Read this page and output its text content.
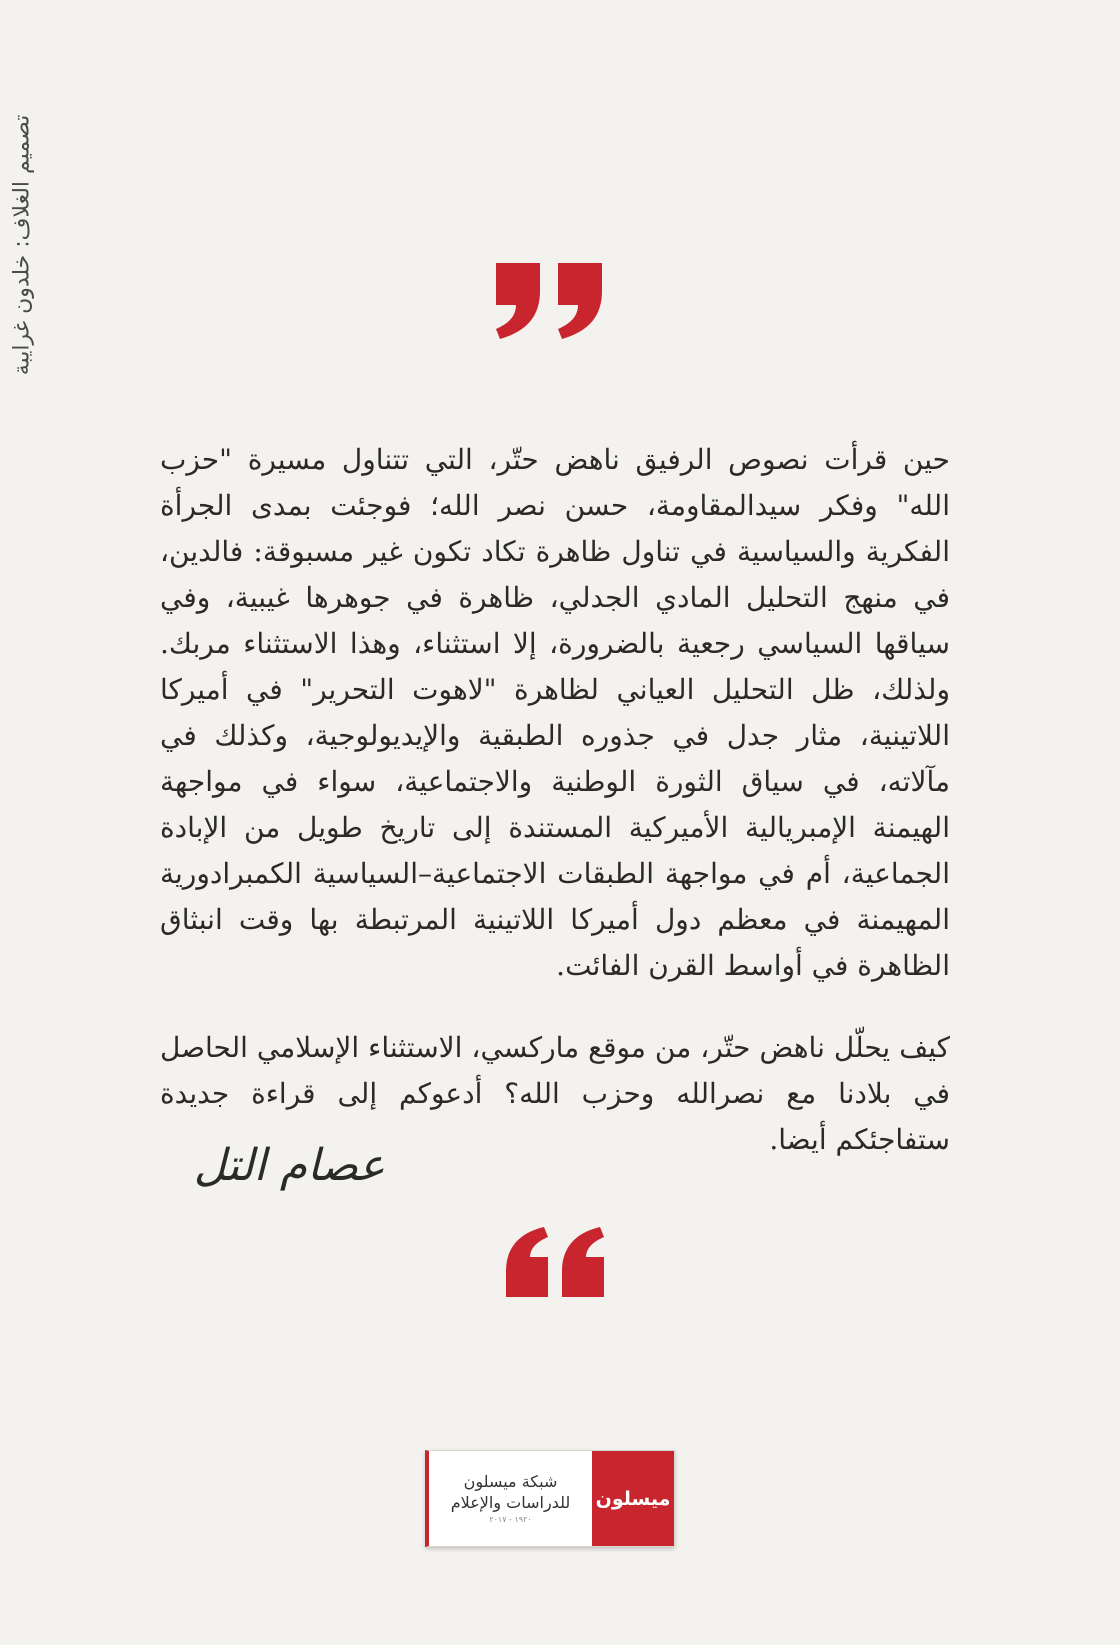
تصميم الغلاف: خلدون غرايبة

حين قرأت نصوص الرفيق ناهض حتّر، التي تتناول مسيرة "حزب الله" وفكر سيدالمقاومة، حسن نصر الله؛ فوجئت بمدى الجرأة الفكرية والسياسية في تناول ظاهرة تكاد تكون غير مسبوقة: فالدين، في منهج التحليل المادي الجدلي، ظاهرة في جوهرها غيبية، وفي سياقها السياسي رجعية بالضرورة، إلا استثناء، وهذا الاستثناء مربك. ولذلك، ظل التحليل العياني لظاهرة "لاهوت التحرير" في أميركا اللاتينية، مثار جدل في جذوره الطبقية والإيديولوجية، وكذلك في مآلاته، في سياق الثورة الوطنية والاجتماعية، سواء في مواجهة الهيمنة الإمبريالية الأميركية المستندة إلى تاريخ طويل من الإبادة الجماعية، أم في مواجهة الطبقات الاجتماعية–السياسية الكمبرادورية المهيمنة في معظم دول أميركا اللاتينية المرتبطة بها وقت انبثاق الظاهرة في أواسط القرن الفائت.

كيف يحلّل ناهض حتّر، من موقع ماركسي، الاستثناء الإسلامي الحاصل في بلادنا مع نصرالله وحزب الله؟ أدعوكم إلى قراءة جديدة ستفاجئكم أيضا.

عصام التل
شبكة ميسلون
للدراسات والإعلام
١٩٢٠ - ٢٠١٧
ميسلون
